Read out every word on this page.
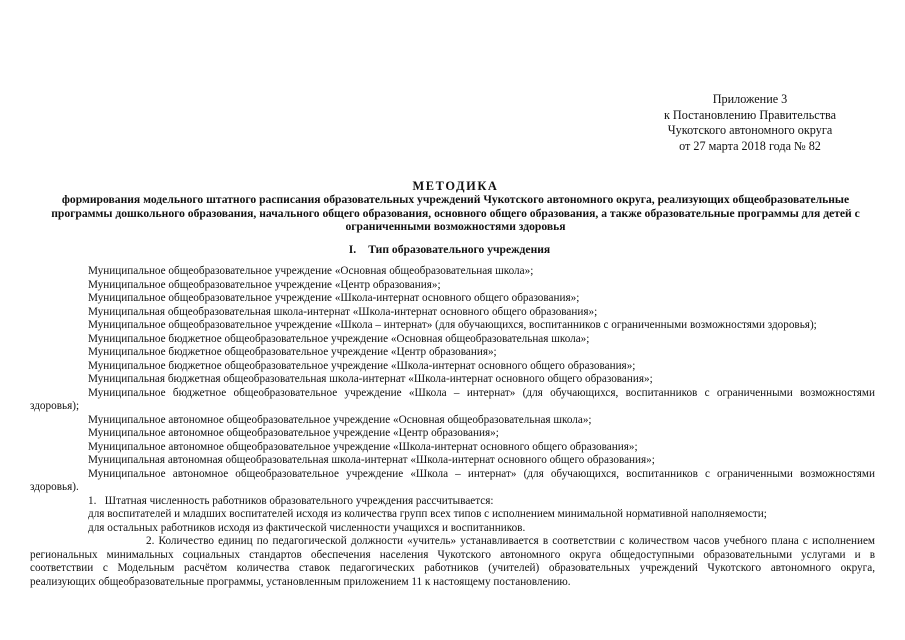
Приложение 3
к Постановлению Правительства
Чукотского автономного округа
от 27 марта 2018 года № 82
МЕТОДИКА
формирования модельного штатного расписания образовательных учреждений Чукотского автономного округа, реализующих общеобразовательные
программы дошкольного образования, начального общего образования, основного общего образования, а также образовательные программы для детей с
ограниченными возможностями здоровья
I. Тип образовательного учреждения
Муниципальное общеобразовательное учреждение «Основная общеобразовательная школа»;
Муниципальное общеобразовательное учреждение «Центр образования»;
Муниципальное общеобразовательное учреждение «Школа-интернат основного общего образования»;
Муниципальная общеобразовательная школа-интернат «Школа-интернат основного общего образования»;
Муниципальное общеобразовательное учреждение «Школа – интернат» (для обучающихся, воспитанников с ограниченными возможностями здоровья);
Муниципальное бюджетное общеобразовательное учреждение «Основная общеобразовательная школа»;
Муниципальное бюджетное общеобразовательное учреждение «Центр образования»;
Муниципальное бюджетное общеобразовательное учреждение «Школа-интернат основного общего образования»;
Муниципальная бюджетная общеобразовательная школа-интернат «Школа-интернат основного общего образования»;
Муниципальное бюджетное общеобразовательное учреждение «Школа – интернат» (для обучающихся, воспитанников с ограниченными возможностями
здоровья);
Муниципальное автономное общеобразовательное учреждение «Основная общеобразовательная школа»;
Муниципальное автономное общеобразовательное учреждение «Центр образования»;
Муниципальное автономное общеобразовательное учреждение «Школа-интернат основного общего образования»;
Муниципальная автономная общеобразовательная школа-интернат «Школа-интернат основного общего образования»;
Муниципальное автономное общеобразовательное учреждение «Школа – интернат» (для обучающихся, воспитанников с ограниченными возможностями
здоровья).
1. Штатная численность работников образовательного учреждения рассчитывается:
для воспитателей и младших воспитателей исходя из количества групп всех типов с исполнением минимальной нормативной наполняемости;
для остальных работников исходя из фактической численности учащихся и воспитанников.
2. Количество единиц по педагогической должности «учитель» устанавливается в соответствии с количеством часов учебного плана с исполнением
региональных минимальных социальных стандартов обеспечения населения Чукотского автономного округа общедоступными образовательными услугами и в
соответствии с Модельным расчётом количества ставок педагогических работников (учителей) образовательных учреждений Чукотского автономного округа,
реализующих общеобразовательные программы, установленным приложением 11 к настоящему постановлению.
